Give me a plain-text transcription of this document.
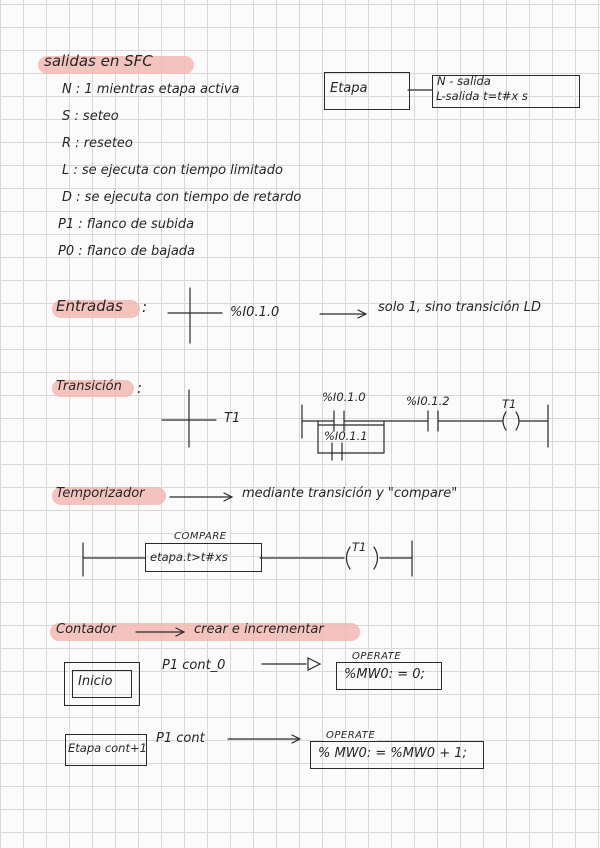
salidas en SFC
N : 1 mientras etapa activa
S : seteo
R : reseteo
L : se ejecuta con tiempo limitado
D : se ejecuta con tiempo de retardo
P1 : flanco de subida
P0 : flanco de bajada
Etapa	N - salida
L-salida t=t#x s
Entradas :	%I0.1.0	solo 1, sino transición LD
Transición :
T1
%I0.1.0	%I0.1.2
%I0.1.1
T1
Temporizador	mediante transición y "compare"
COMPARE
etapa.t>t#xs
T1
Contador	crear e incrementar
Inicio
P1 cont_0
OPERATE
%MW0: = 0;
Etapa cont+1
P1 cont	OPERATE
% MW0: = %MW0 + 1;
